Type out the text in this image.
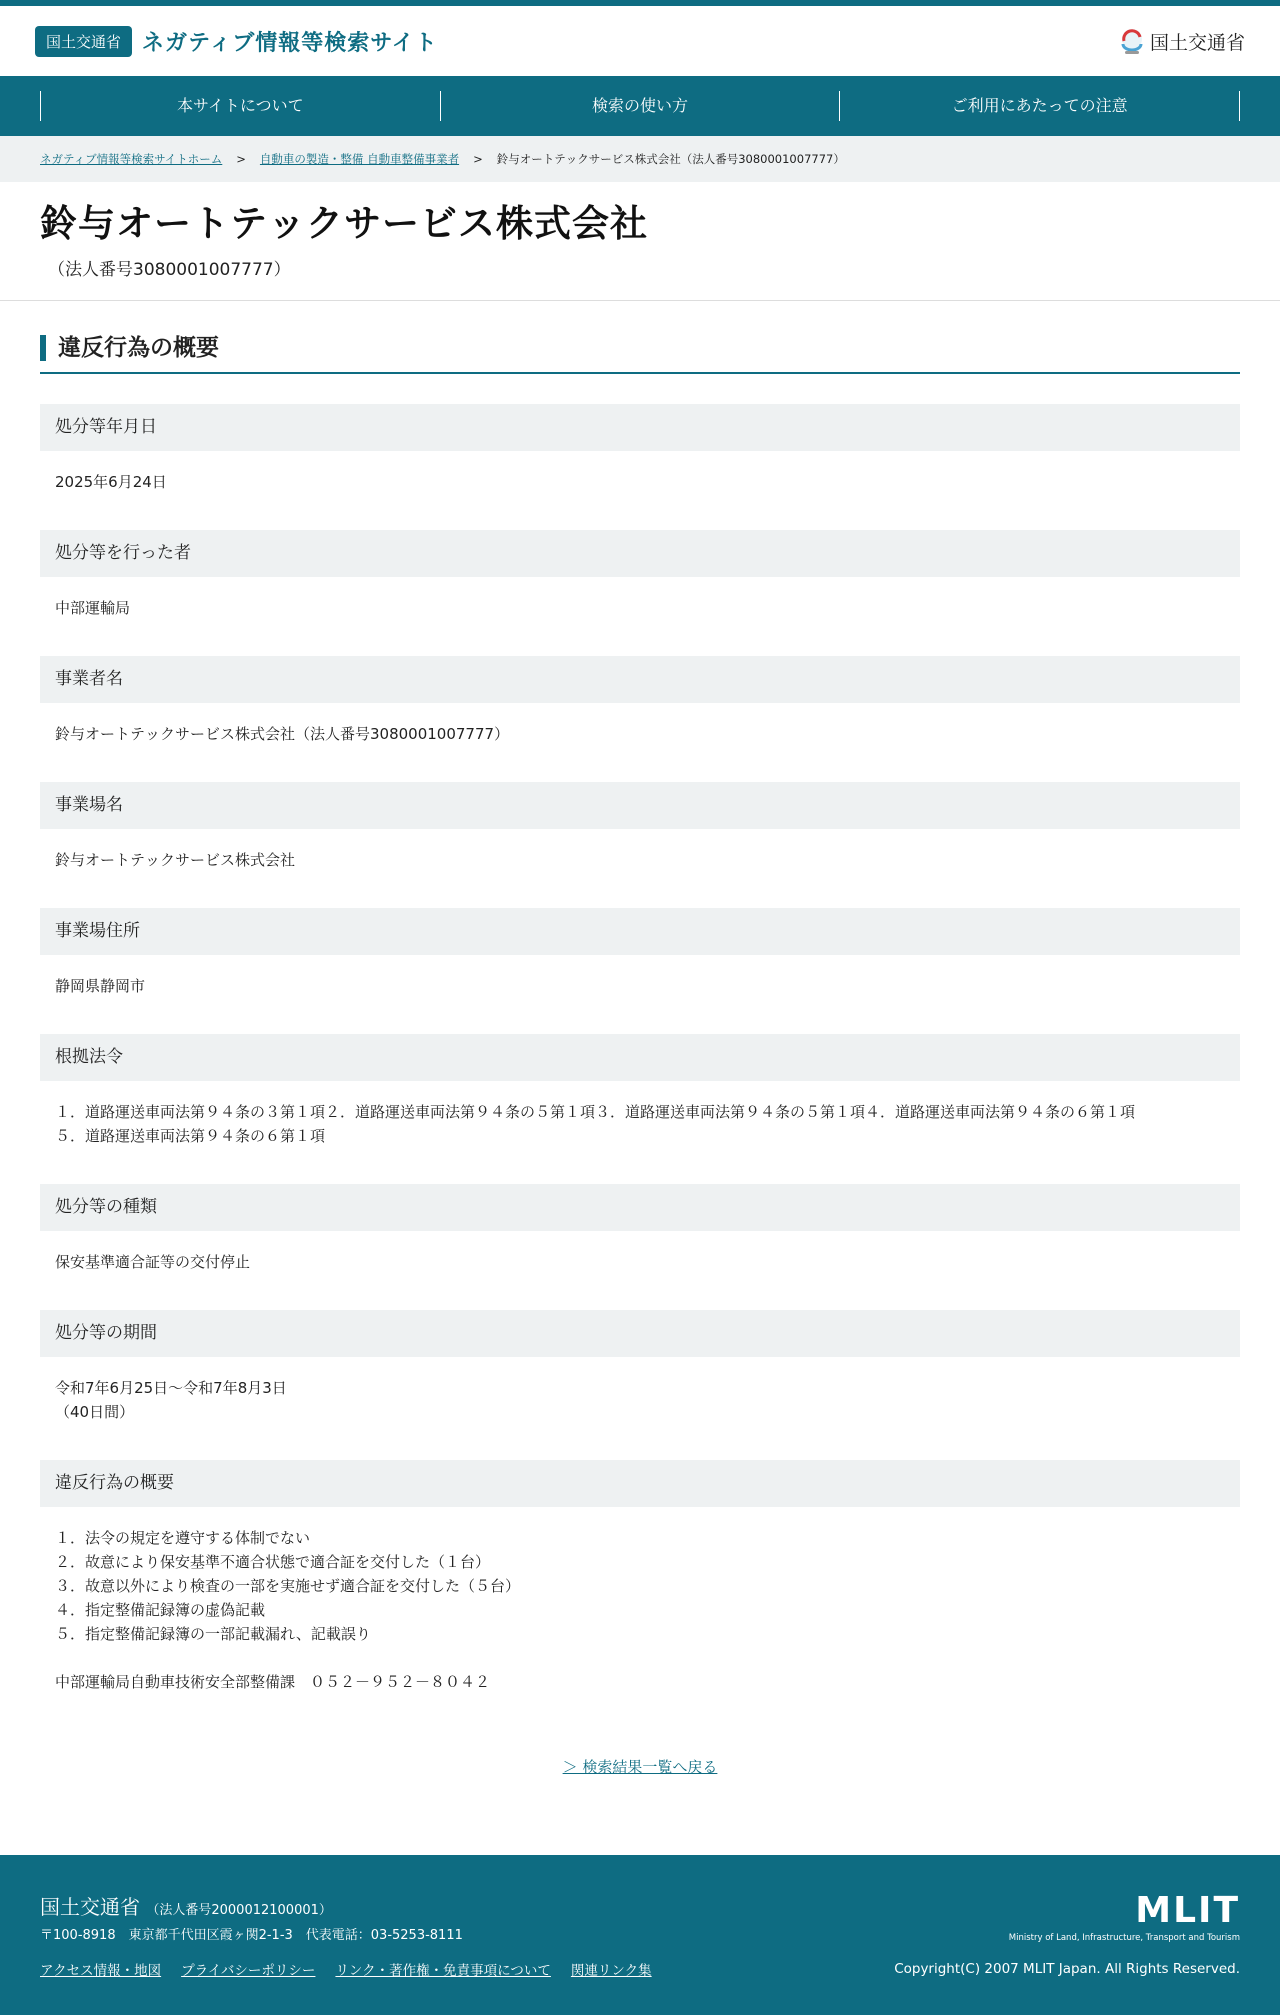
国土交通省 ネガティブ情報等検索サイト	国土交通省
本サイトについて	検索の使い方	ご利用にあたっての注意
ネガティブ情報等検索サイトホーム > 自動車の製造・整備 自動車整備事業者 > 鈴与オートテックサービス株式会社（法人番号3080001007777）
鈴与オートテックサービス株式会社
（法人番号3080001007777）
違反行為の概要
処分等年月日
2025年6月24日
処分等を行った者
中部運輸局
事業者名
鈴与オートテックサービス株式会社（法人番号3080001007777）
事業場名
鈴与オートテックサービス株式会社
事業場住所
静岡県静岡市
根拠法令
１．道路運送車両法第９４条の３第１項２．道路運送車両法第９４条の５第１項３．道路運送車両法第９４条の５第１項４．道路運送車両法第９４条の６第１項
５．道路運送車両法第９４条の６第１項
処分等の種類
保安基準適合証等の交付停止
処分等の期間
令和7年6月25日～令和7年8月3日
（40日間）
違反行為の概要
１．法令の規定を遵守する体制でない
２．故意により保安基準不適合状態で適合証を交付した（１台）
３．故意以外により検査の一部を実施せず適合証を交付した（５台）
４．指定整備記録簿の虚偽記載
５．指定整備記録簿の一部記載漏れ、記載誤り

中部運輸局自動車技術安全部整備課　０５２－９５２－８０４２
＞ 検索結果一覧へ戻る
国土交通省 （法人番号2000012100001）
〒100-8918　東京都千代田区霞ヶ関2-1-3　代表電話：03-5253-8111
アクセス情報・地図 プライバシーポリシー リンク・著作権・免責事項について 関連リンク集
MLIT
Ministry of Land, Infrastructure, Transport and Tourism
Copyright(C) 2007 MLIT Japan. All Rights Reserved.
